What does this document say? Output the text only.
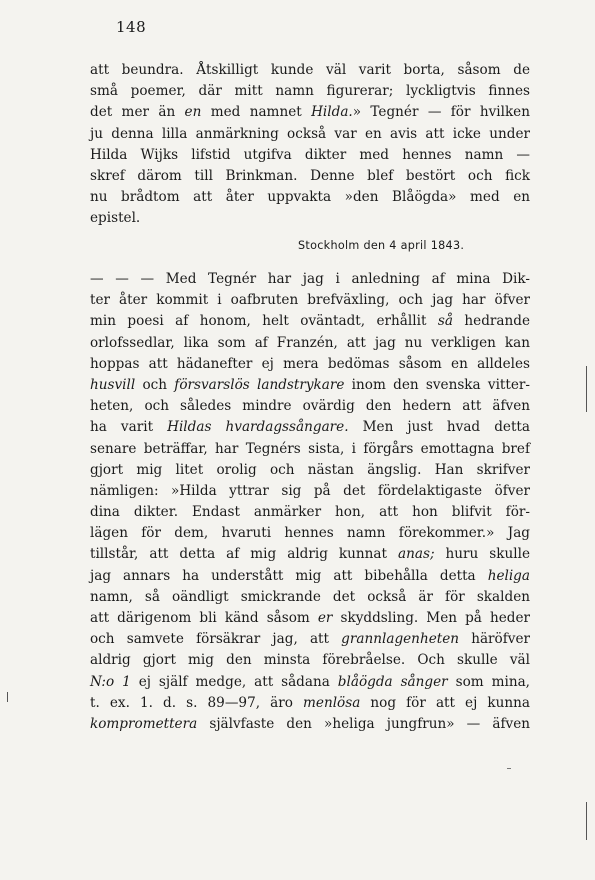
148
att beundra. Åtskilligt kunde väl varit borta, såsom de
små poemer, där mitt namn figurerar; lyckligtvis finnes
det mer än en med namnet Hilda.» Tegnér — för hvilken
ju denna lilla anmärkning också var en avis att icke under
Hilda Wijks lifstid utgifva dikter med hennes namn —
skref därom till Brinkman. Denne blef bestört och fick
nu brådtom att åter uppvakta »den Blåögda» med en
epistel.
Stockholm den 4 april 1843.
— — — Med Tegnér har jag i anledning af mina Dik-
ter åter kommit i oafbruten brefväxling, och jag har öfver
min poesi af honom, helt oväntadt, erhållit så hedrande
orlofssedlar, lika som af Franzén, att jag nu verkligen kan
hoppas att hädanefter ej mera bedömas såsom en alldeles
husvill och försvarslös landstrykare inom den svenska vitter-
heten, och således mindre ovärdig den hedern att äfven
ha varit Hildas hvardagssångare. Men just hvad detta
senare beträffar, har Tegnérs sista, i förgårs emottagna bref
gjort mig litet orolig och nästan ängslig. Han skrifver
nämligen: »Hilda yttrar sig på det fördelaktigaste öfver
dina dikter. Endast anmärker hon, att hon blifvit för-
lägen för dem, hvaruti hennes namn förekommer.» Jag
tillstår, att detta af mig aldrig kunnat anas; huru skulle
jag annars ha understått mig att bibehålla detta heliga
namn, så oändligt smickrande det också är för skalden
att därigenom bli känd såsom er skyddsling. Men på heder
och samvete försäkrar jag, att grannlagenheten häröfver
aldrig gjort mig den minsta förebråelse. Och skulle väl
N:o 1 ej själf medge, att sådana blåögda sånger som mina,
t. ex. 1. d. s. 89—97, äro menlösa nog för att ej kunna
kompromettera självfaste den »heliga jungfrun» — äfven
